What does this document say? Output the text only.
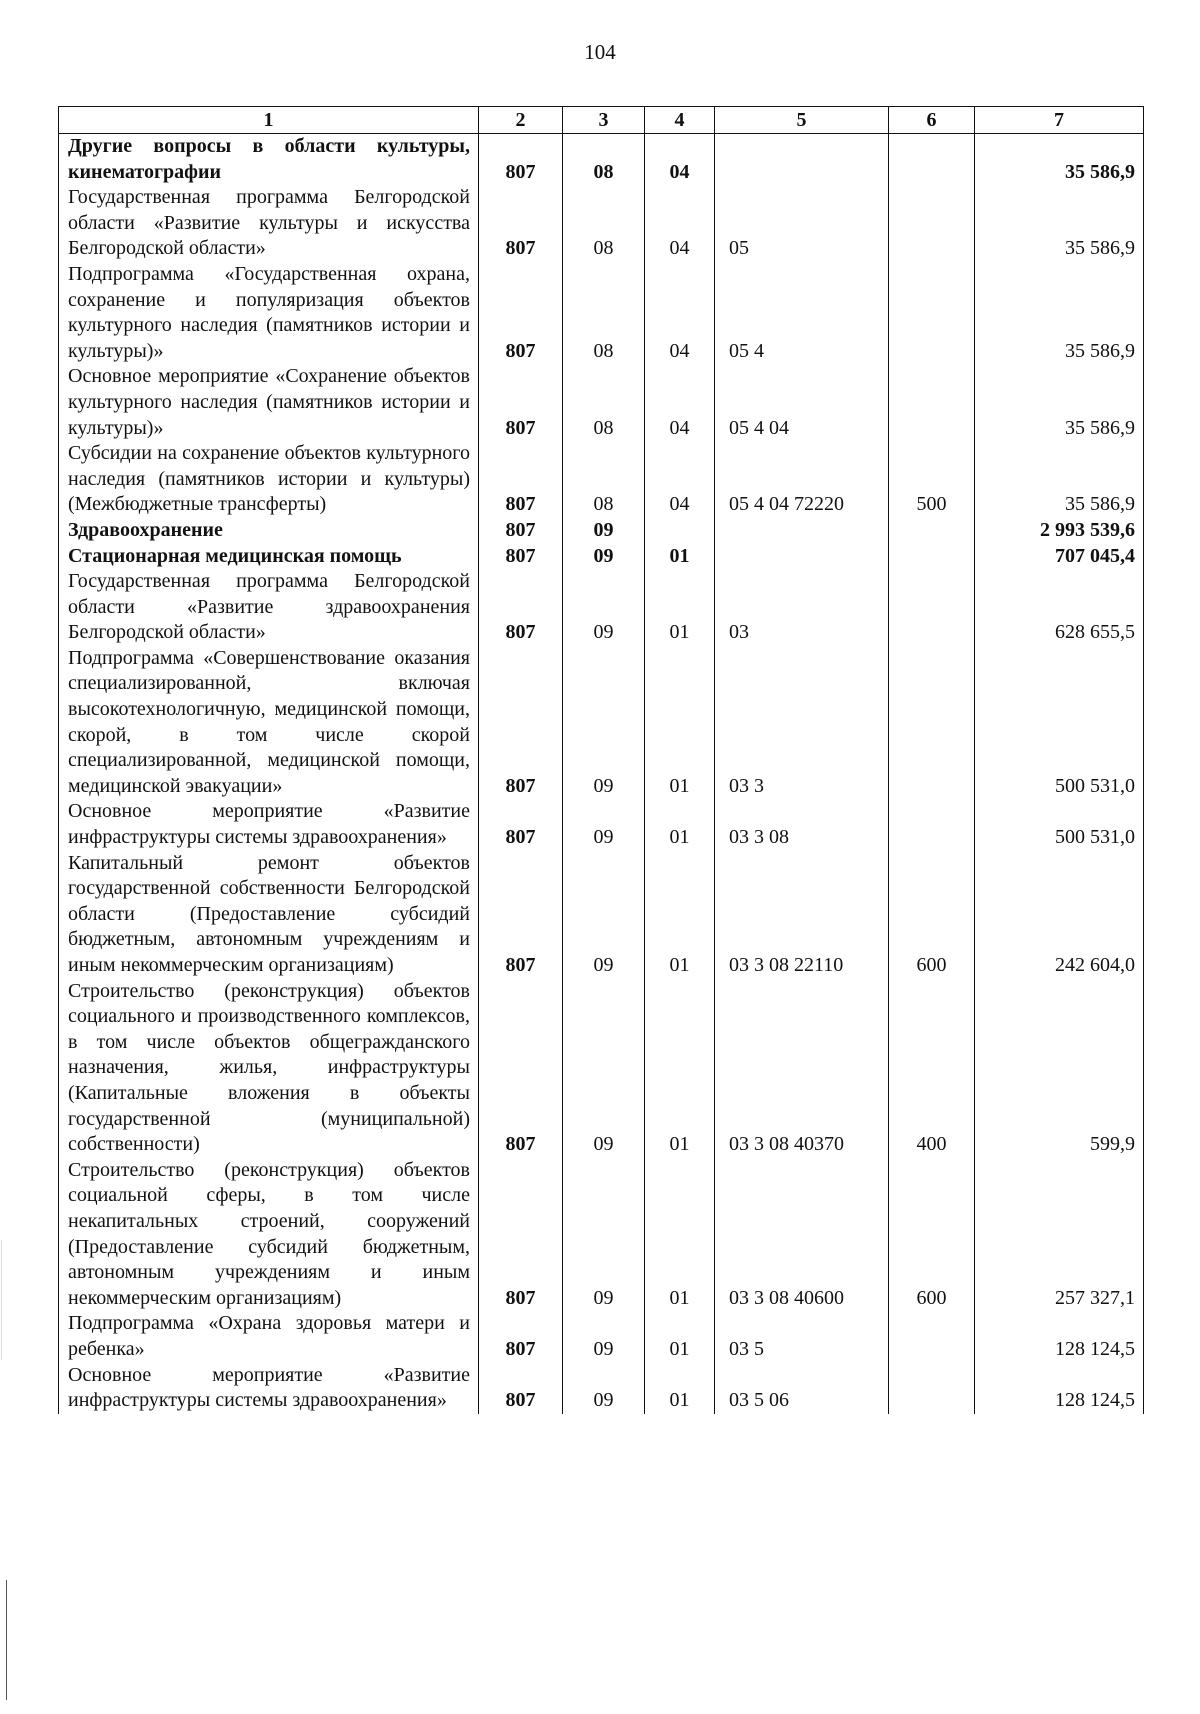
104
1	2	3	4	5	6	7
Другие вопросы в области культуры, кинематографии	807	08	04			35 586,9
Государственная программа Белгородской области «Развитие культуры и искусства Белгородской области»	807	08	04	05		35 586,9
Подпрограмма «Государственная охрана, сохранение и популяризация объектов культурного наследия (памятников истории и культуры)»	807	08	04	05 4		35 586,9
Основное мероприятие «Сохранение объектов культурного наследия (памятников истории и культуры)»	807	08	04	05 4 04		35 586,9
Субсидии на сохранение объектов культурного наследия (памятников истории и культуры) (Межбюджетные трансферты)	807	08	04	05 4 04 72220	500	35 586,9
Здравоохранение	807	09				2 993 539,6
Стационарная медицинская помощь	807	09	01			707 045,4
Государственная программа Белгородской области «Развитие здравоохранения Белгородской области»	807	09	01	03		628 655,5
Подпрограмма «Совершенствование оказания специализированной, включая высокотехнологичную, медицинской помощи, скорой, в том числе скорой специализированной, медицинской помощи, медицинской эвакуации»	807	09	01	03 3		500 531,0
Основное мероприятие «Развитие инфраструктуры системы здравоохранения»	807	09	01	03 3 08		500 531,0
Капитальный ремонт объектов государственной собственности Белгородской области (Предоставление субсидий бюджетным, автономным учреждениям и иным некоммерческим организациям)	807	09	01	03 3 08 22110	600	242 604,0
Строительство (реконструкция) объектов социального и производственного комплексов, в том числе объектов общегражданского назначения, жилья, инфраструктуры (Капитальные вложения в объекты государственной (муниципальной) собственности)	807	09	01	03 3 08 40370	400	599,9
Строительство (реконструкция) объектов социальной сферы, в том числе некапитальных строений, сооружений (Предоставление субсидий бюджетным, автономным учреждениям и иным некоммерческим организациям)	807	09	01	03 3 08 40600	600	257 327,1
Подпрограмма «Охрана здоровья матери и ребенка»	807	09	01	03 5		128 124,5
Основное мероприятие «Развитие инфраструктуры системы здравоохранения»	807	09	01	03 5 06		128 124,5
